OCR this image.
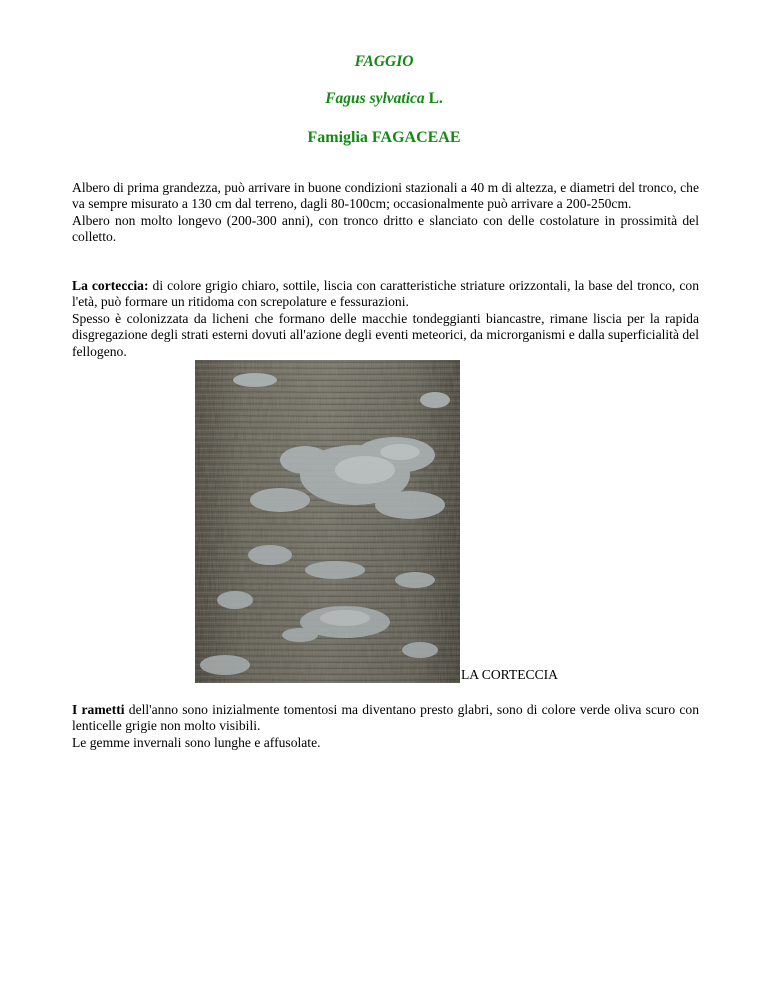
FAGGIO

Fagus sylvatica L.

Famiglia FAGACEAE

Albero di prima grandezza, può arrivare in buone condizioni stazionali a 40 m di altezza, e diametri del tronco, che va sempre misurato a 130 cm dal terreno, dagli 80-100cm; occasionalmente può arrivare a 200-250cm.
Albero non molto longevo (200-300 anni), con tronco dritto e slanciato con delle costolature in prossimità del colletto.

La corteccia: di colore grigio chiaro, sottile, liscia con caratteristiche striature orizzontali, la base del tronco, con l'età, può formare un ritidoma con screpolature e fessurazioni.
Spesso è colonizzata da licheni che formano delle macchie tondeggianti biancastre, rimane liscia per la rapida disgregazione degli strati esterni dovuti all'azione degli eventi meteorici, da microrganismi e dalla superficialità del fellogeno.

LA CORTECCIA

I rametti dell'anno sono inizialmente tomentosi ma diventano presto glabri, sono di colore verde oliva scuro con lenticelle grigie non molto visibili.
Le gemme invernali sono lunghe e affusolate.
